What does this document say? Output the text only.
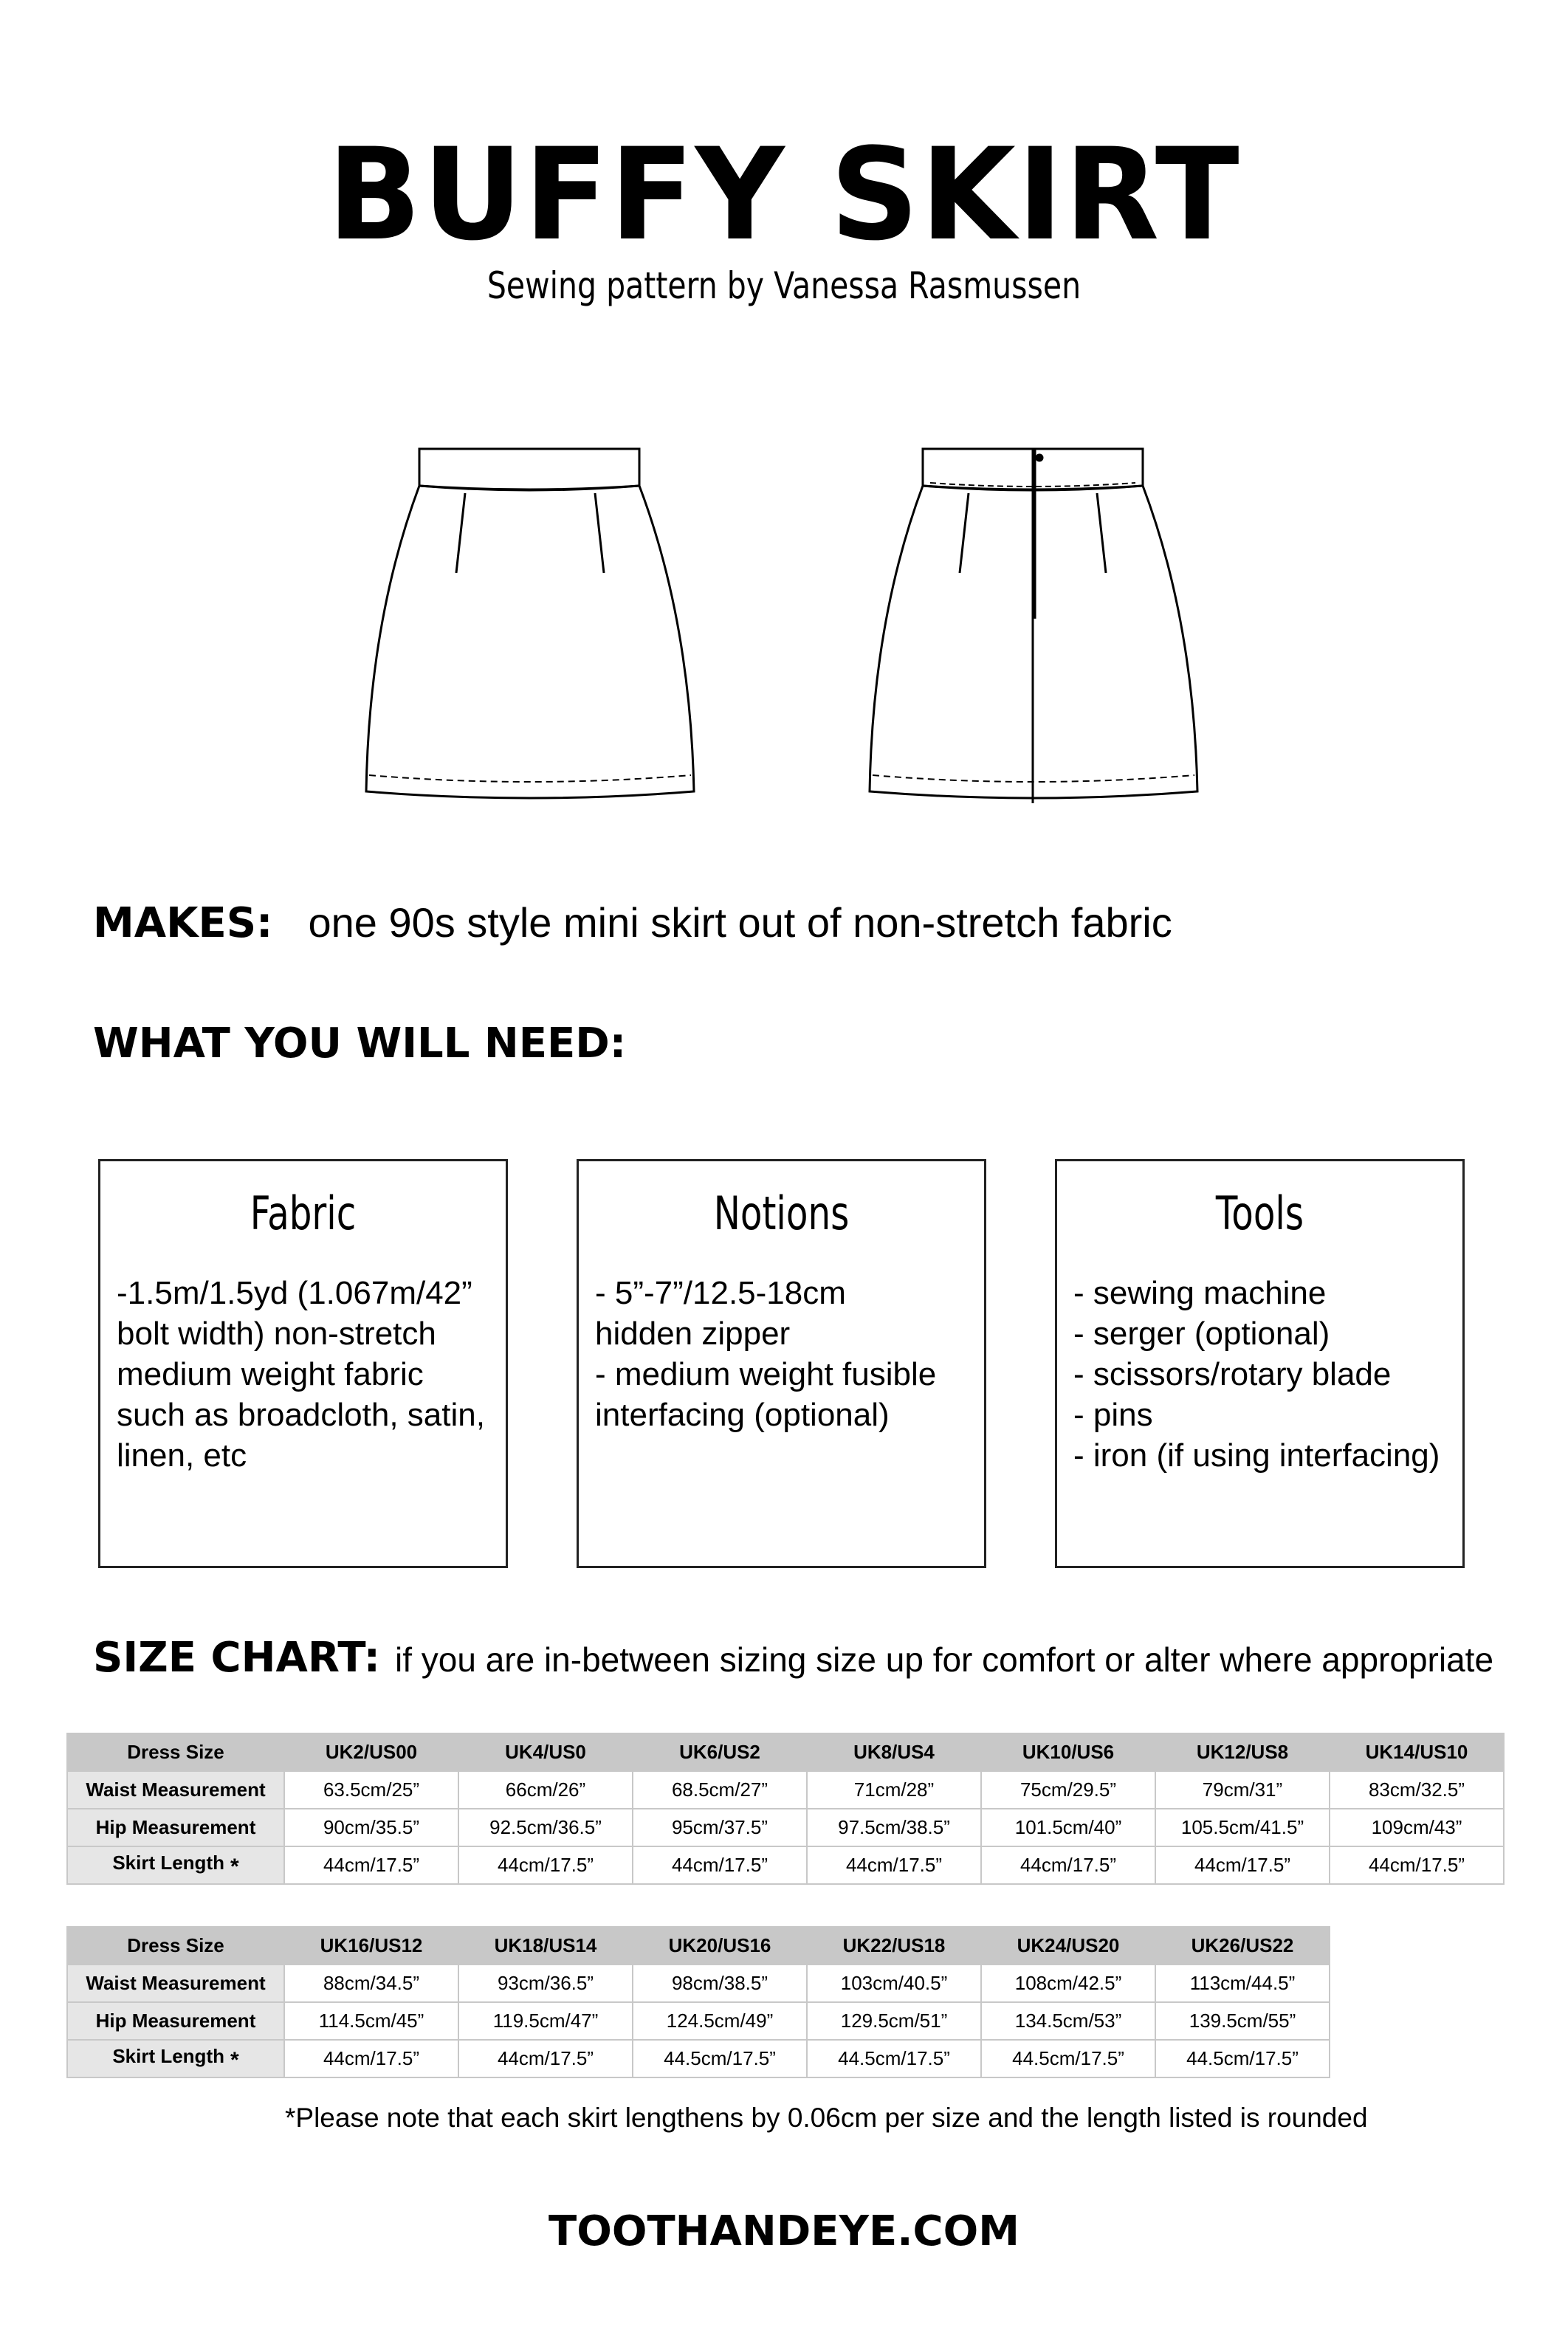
BUFFY SKIRT
Sewing pattern by Vanessa Rasmussen
MAKES: one 90s style mini skirt out of non-stretch fabric
WHAT YOU WILL NEED:
Fabric
-1.5m/1.5yd (1.067m/42”
bolt width) non-stretch
medium weight fabric
such as broadcloth, satin,
linen, etc
Notions
- 5”-7”/12.5-18cm
hidden zipper
- medium weight fusible
interfacing (optional)
Tools
- sewing machine
- serger (optional)
- scissors/rotary blade
- pins
- iron (if using interfacing)
SIZE CHART: if you are in-between sizing size up for comfort or alter where appropriate
Dress Size	UK2/US00	UK4/US0	UK6/US2	UK8/US4	UK10/US6	UK12/US8	UK14/US10
Waist Measurement	63.5cm/25”	66cm/26”	68.5cm/27”	71cm/28”	75cm/29.5”	79cm/31”	83cm/32.5”
Hip Measurement	90cm/35.5”	92.5cm/36.5”	95cm/37.5”	97.5cm/38.5”	101.5cm/40”	105.5cm/41.5”	109cm/43”
Skirt Length *	44cm/17.5”	44cm/17.5”	44cm/17.5”	44cm/17.5”	44cm/17.5”	44cm/17.5”	44cm/17.5”
Dress Size	UK16/US12	UK18/US14	UK20/US16	UK22/US18	UK24/US20	UK26/US22
Waist Measurement	88cm/34.5”	93cm/36.5”	98cm/38.5”	103cm/40.5”	108cm/42.5”	113cm/44.5”
Hip Measurement	114.5cm/45”	119.5cm/47”	124.5cm/49”	129.5cm/51”	134.5cm/53”	139.5cm/55”
Skirt Length *	44cm/17.5”	44cm/17.5”	44.5cm/17.5”	44.5cm/17.5”	44.5cm/17.5”	44.5cm/17.5”
*Please note that each skirt lengthens by 0.06cm per size and the length listed is rounded
TOOTHANDEYE.COM
